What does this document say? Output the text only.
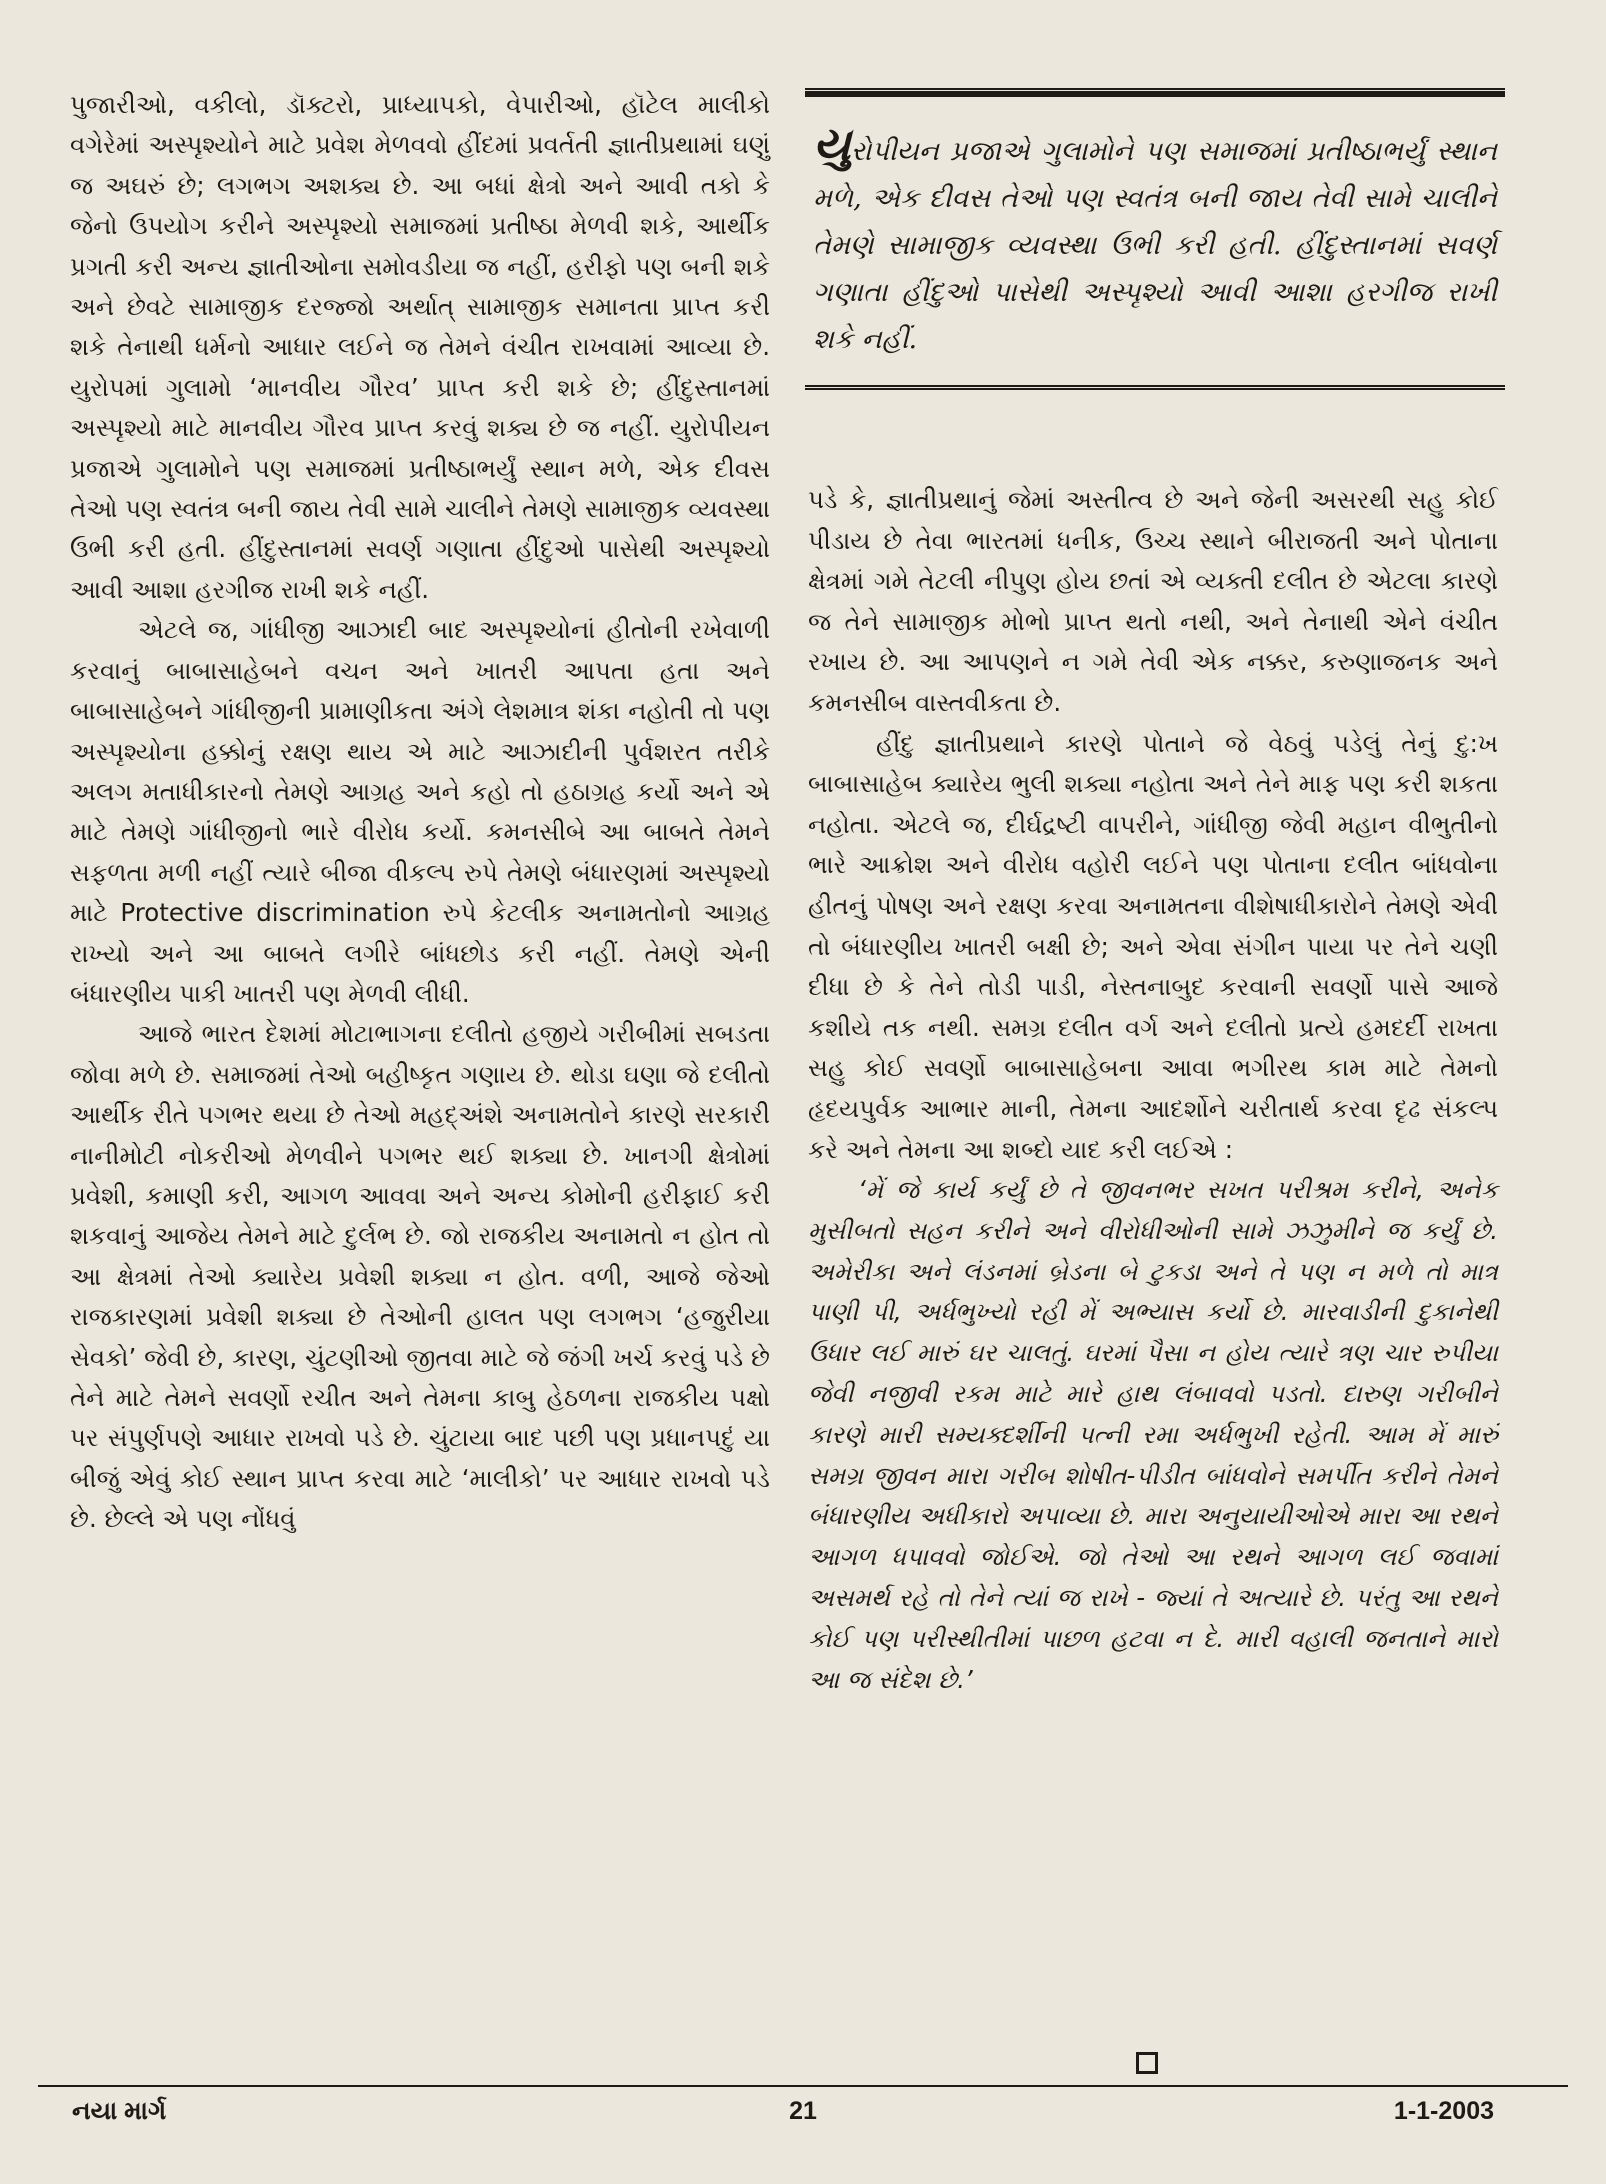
પુજારીઓ, વકીલો, ડૉક્ટરો, પ્રાધ્યાપકો, વેપારીઓ, હૉટેલ માલીકો વગેરેમાં અસ્પૃશ્યોને માટે પ્રવેશ મેળવવો હીંદમાં પ્રવર્તતી જ્ઞાતીપ્રથામાં ઘણું જ અઘરું છે; લગભગ અશક્ય છે. આ બધાં ક્ષેત્રો અને આવી તકો કે જેનો ઉપયોગ કરીને અસ્પૃશ્યો સમાજમાં પ્રતીષ્ઠા મેળવી શકે, આર્થીક પ્રગતી કરી અન્ય જ્ઞાતીઓના સમોવડીયા જ નહીં, હરીફો પણ બની શકે અને છેવટે સામાજીક દરજ્જો અર્થાત્ સામાજીક સમાનતા પ્રાપ્ત કરી શકે તેનાથી ધર્મનો આધાર લઈને જ તેમને વંચીત રાખવામાં આવ્યા છે. યુરોપમાં ગુલામો ‘માનવીય ગૌરવ’ પ્રાપ્ત કરી શકે છે; હીંદુસ્તાનમાં અસ્પૃશ્યો માટે માનવીય ગૌરવ પ્રાપ્ત કરવું શક્ય છે જ નહીં. યુરોપીયન પ્રજાએ ગુલામોને પણ સમાજમાં પ્રતીષ્ઠાભર્યું સ્થાન મળે, એક દીવસ તેઓ પણ સ્વતંત્ર બની જાય તેવી સામે ચાલીને તેમણે સામાજીક વ્યવસ્થા ઉભી કરી હતી. હીંદુસ્તાનમાં સવર્ણ ગણાતા હીંદુઓ પાસેથી અસ્પૃશ્યો આવી આશા હરગીજ રાખી શકે નહીં.

એટલે જ, ગાંધીજી આઝાદી બાદ અસ્પૃશ્યોનાં હીતોની રખેવાળી કરવાનું બાબાસાહેબને વચન અને ખાતરી આપતા હતા અને બાબાસાહેબને ગાંધીજીની પ્રામાણીકતા અંગે લેશમાત્ર શંકા નહોતી તો પણ અસ્પૃશ્યોના હક્કોનું રક્ષણ થાય એ માટે આઝાદીની પુર્વશરત તરીકે અલગ મતાધીકારનો તેમણે આગ્રહ અને કહો તો હઠાગ્રહ કર્યો અને એ માટે તેમણે ગાંધીજીનો ભારે વીરોધ કર્યો. કમનસીબે આ બાબતે તેમને સફળતા મળી નહીં ત્યારે બીજા વીકલ્પ રુપે તેમણે બંધારણમાં અસ્પૃશ્યો માટે Protective discrimination રુપે કેટલીક અનામતોનો આગ્રહ રાખ્યો અને આ બાબતે લગીરે બાંધછોડ કરી નહીં. તેમણે એની બંધારણીય પાકી ખાતરી પણ મેળવી લીધી.

આજે ભારત દેશમાં મોટાભાગના દલીતો હજીયે ગરીબીમાં સબડતા જોવા મળે છે. સમાજમાં તેઓ બહીષ્કૃત ગણાય છે. થોડા ઘણા જે દલીતો આર્થીક રીતે પગભર થયા છે તેઓ મહદ્અંશે અનામતોને કારણે સરકારી નાનીમોટી નોકરીઓ મેળવીને પગભર થઈ શક્યા છે. ખાનગી ક્ષેત્રોમાં પ્રવેશી, કમાણી કરી, આગળ આવવા અને અન્ય કોમોની હરીફાઈ કરી શકવાનું આજેય તેમને માટે દુર્લભ છે. જો રાજકીય અનામતો ન હોત તો આ ક્ષેત્રમાં તેઓ ક્યારેય પ્રવેશી શક્યા ન હોત. વળી, આજે જેઓ રાજકારણમાં પ્રવેશી શક્યા છે તેઓની હાલત પણ લગભગ ‘હજુરીયા સેવકો’ જેવી છે, કારણ, ચુંટણીઓ જીતવા માટે જે જંગી ખર્ચ કરવું પડે છે તેને માટે તેમને સવર્ણો રચીત અને તેમના કાબુ હેઠળના રાજકીય પક્ષો પર સંપુર્ણપણે આધાર રાખવો પડે છે. ચુંટાયા બાદ પછી પણ પ્રધાનપદું યા બીજું એવું કોઈ સ્થાન પ્રાપ્ત કરવા માટે ‘માલીકો’ પર આધાર રાખવો પડે છે. છેલ્લે એ પણ નોંધવું

યુરોપીયન પ્રજાએ ગુલામોને પણ સમાજમાં પ્રતીષ્ઠાભર્યું સ્થાન મળે, એક દીવસ તેઓ પણ સ્વતંત્ર બની જાય તેવી સામે ચાલીને તેમણે સામાજીક વ્યવસ્થા ઉભી કરી હતી. હીંદુસ્તાનમાં સવર્ણ ગણાતા હીંદુઓ પાસેથી અસ્પૃશ્યો આવી આશા હરગીજ રાખી શકે નહીં.

પડે કે, જ્ઞાતીપ્રથાનું જેમાં અસ્તીત્વ છે અને જેની અસરથી સહુ કોઈ પીડાય છે તેવા ભારતમાં ધનીક, ઉચ્ચ સ્થાને બીરાજતી અને પોતાના ક્ષેત્રમાં ગમે તેટલી નીપુણ હોય છતાં એ વ્યક્તી દલીત છે એટલા કારણે જ તેને સામાજીક મોભો પ્રાપ્ત થતો નથી, અને તેનાથી એને વંચીત રખાય છે. આ આપણને ન ગમે તેવી એક નક્કર, કરુણાજનક અને કમનસીબ વાસ્તવીકતા છે.

હીંદુ જ્ઞાતીપ્રથાને કારણે પોતાને જે વેઠવું પડેલું તેનું દુ:ખ બાબાસાહેબ ક્યારેય ભુલી શક્યા નહોતા અને તેને માફ પણ કરી શકતા નહોતા. એટલે જ, દીર્ઘદ્રષ્ટી વાપરીને, ગાંધીજી જેવી મહાન વીભુતીનો ભારે આક્રોશ અને વીરોધ વહોરી લઈને પણ પોતાના દલીત બાંધવોના હીતનું પોષણ અને રક્ષણ કરવા અનામતના વીશેષાધીકારોને તેમણે એવી તો બંધારણીય ખાતરી બક્ષી છે; અને એવા સંગીન પાયા પર તેને ચણી દીધા છે કે તેને તોડી પાડી, નેસ્તનાબુદ કરવાની સવર્ણો પાસે આજે કશીયે તક નથી. સમગ્ર દલીત વર્ગ અને દલીતો પ્રત્યે હમદર્દી રાખતા સહુ કોઈ સવર્ણો બાબાસાહેબના આવા ભગીરથ કામ માટે તેમનો હૃદયપુર્વક આભાર માની, તેમના આદર્શોને ચરીતાર્થ કરવા દૃઢ સંકલ્પ કરે અને તેમના આ શબ્દો યાદ કરી લઈએ :

‘મેં જે કાર્ય કર્યું છે તે જીવનભર સખત પરીશ્રમ કરીને, અનેક મુસીબતો સહન કરીને અને વીરોધીઓની સામે ઝઝુમીને જ કર્યું છે. અમેરીકા અને લંડનમાં બ્રેડના બે ટુકડા અને તે પણ ન મળે તો માત્ર પાણી પી, અર્ધભુખ્યો રહી મેં અભ્યાસ કર્યો છે. મારવાડીની દુકાનેથી ઉધાર લઈ મારું ઘર ચાલતું. ઘરમાં પૈસા ન હોય ત્યારે ત્રણ ચાર રુપીયા જેવી નજીવી રકમ માટે મારે હાથ લંબાવવો પડતો. દારુણ ગરીબીને કારણે મારી સમ્યક્દર્શીની પત્ની રમા અર્ધભુખી રહેતી. આમ મેં મારું સમગ્ર જીવન મારા ગરીબ શોષીત-પીડીત બાંધવોને સમર્પીત કરીને તેમને બંધારણીય અધીકારો અપાવ્યા છે. મારા અનુયાયીઓએ મારા આ રથને આગળ ધપાવવો જોઈએ. જો તેઓ આ રથને આગળ લઈ જવામાં અસમર્થ રહે તો તેને ત્યાં જ રાખે - જ્યાં તે અત્યારે છે. પરંતુ આ રથને કોઈ પણ પરીસ્થીતીમાં પાછળ હટવા ન દે. મારી વહાલી જનતાને મારો આ જ સંદેશ છે.’

નયા માર્ગ	21	1-1-2003
